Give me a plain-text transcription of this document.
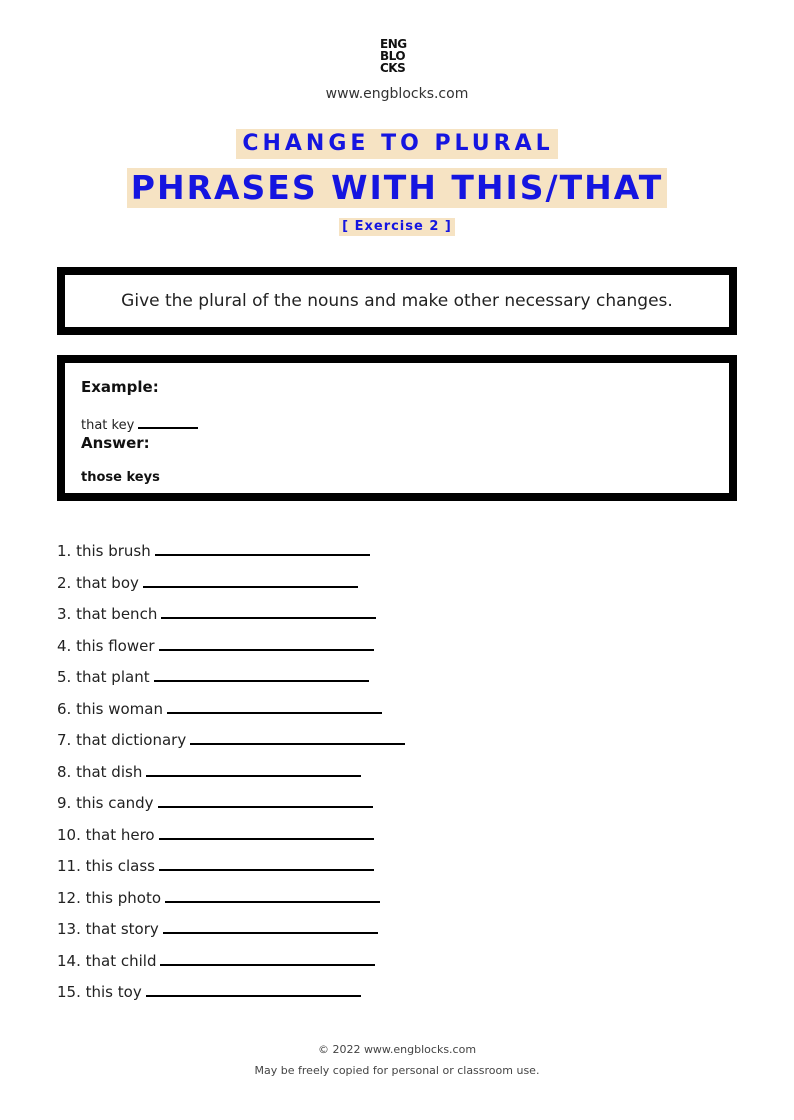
ENG
BLO
CKS
www.engblocks.com
CHANGE TO PLURAL
PHRASES WITH THIS/THAT
[ Exercise 2 ]
Give the plural of the nouns and make other necessary changes.
Example:
that key
Answer:
those keys
1. this brush
2. that boy
3. that bench
4. this flower
5. that plant
6. this woman
7. that dictionary
8. that dish
9. this candy
10. that hero
11. this class
12. this photo
13. that story
14. that child
15. this toy
© 2022 www.engblocks.com
May be freely copied for personal or classroom use.
